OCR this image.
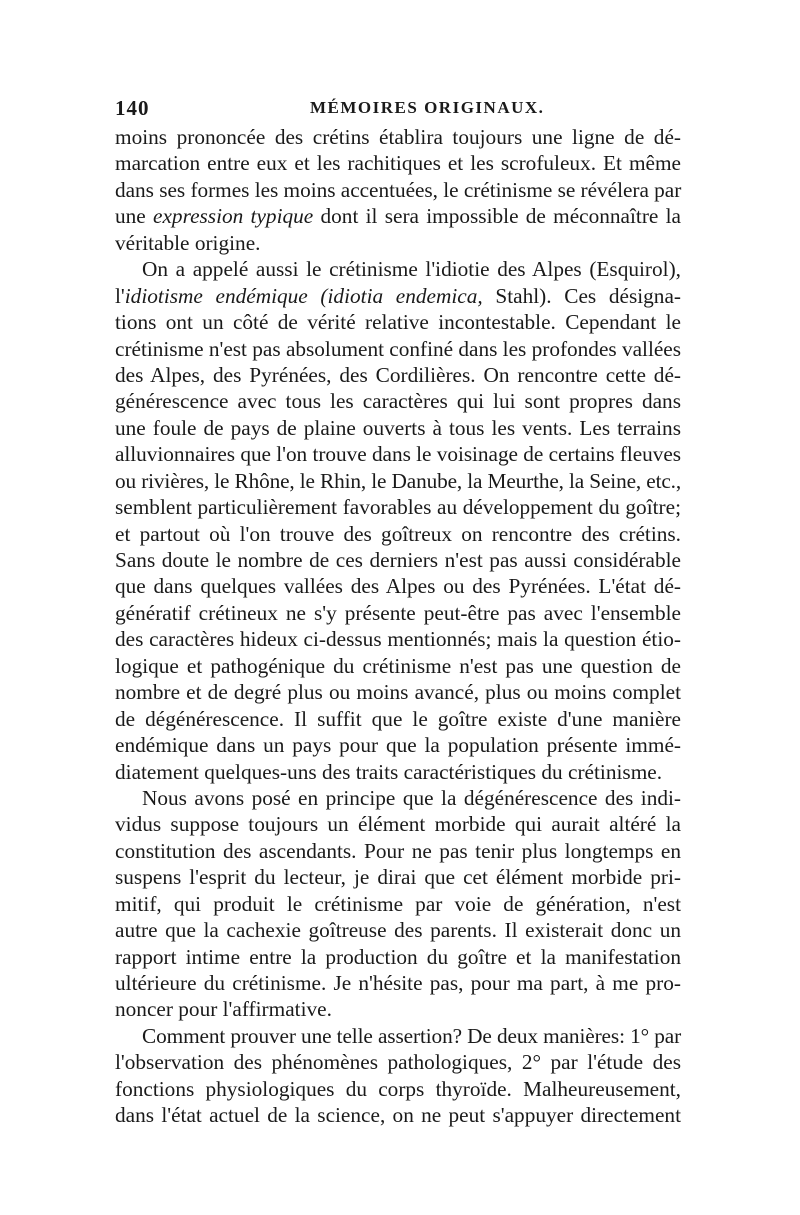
140	MÉMOIRES ORIGINAUX.
moins prononcée des crétins établira toujours une ligne de dé-
marcation entre eux et les rachitiques et les scrofuleux. Et même
dans ses formes les moins accentuées, le crétinisme se révélera par
une expression typique dont il sera impossible de méconnaître la
véritable origine.
On a appelé aussi le crétinisme l'idiotie des Alpes (Esquirol),
l'idiotisme endémique (idiotia endemica, Stahl). Ces désigna-
tions ont un côté de vérité relative incontestable. Cependant le
crétinisme n'est pas absolument confiné dans les profondes vallées
des Alpes, des Pyrénées, des Cordilières. On rencontre cette dé-
générescence avec tous les caractères qui lui sont propres dans
une foule de pays de plaine ouverts à tous les vents. Les terrains
alluvionnaires que l'on trouve dans le voisinage de certains fleuves
ou rivières, le Rhône, le Rhin, le Danube, la Meurthe, la Seine, etc.,
semblent particulièrement favorables au développement du goître;
et partout où l'on trouve des goîtreux on rencontre des crétins.
Sans doute le nombre de ces derniers n'est pas aussi considérable
que dans quelques vallées des Alpes ou des Pyrénées. L'état dé-
génératif crétineux ne s'y présente peut-être pas avec l'ensemble
des caractères hideux ci-dessus mentionnés; mais la question étio-
logique et pathogénique du crétinisme n'est pas une question de
nombre et de degré plus ou moins avancé, plus ou moins complet
de dégénérescence. Il suffit que le goître existe d'une manière
endémique dans un pays pour que la population présente immé-
diatement quelques-uns des traits caractéristiques du crétinisme.
Nous avons posé en principe que la dégénérescence des indi-
vidus suppose toujours un élément morbide qui aurait altéré la
constitution des ascendants. Pour ne pas tenir plus longtemps en
suspens l'esprit du lecteur, je dirai que cet élément morbide pri-
mitif, qui produit le crétinisme par voie de génération, n'est
autre que la cachexie goîtreuse des parents. Il existerait donc un
rapport intime entre la production du goître et la manifestation
ultérieure du crétinisme. Je n'hésite pas, pour ma part, à me pro-
noncer pour l'affirmative.
Comment prouver une telle assertion? De deux manières: 1° par
l'observation des phénomènes pathologiques, 2° par l'étude des
fonctions physiologiques du corps thyroïde. Malheureusement,
dans l'état actuel de la science, on ne peut s'appuyer directement
